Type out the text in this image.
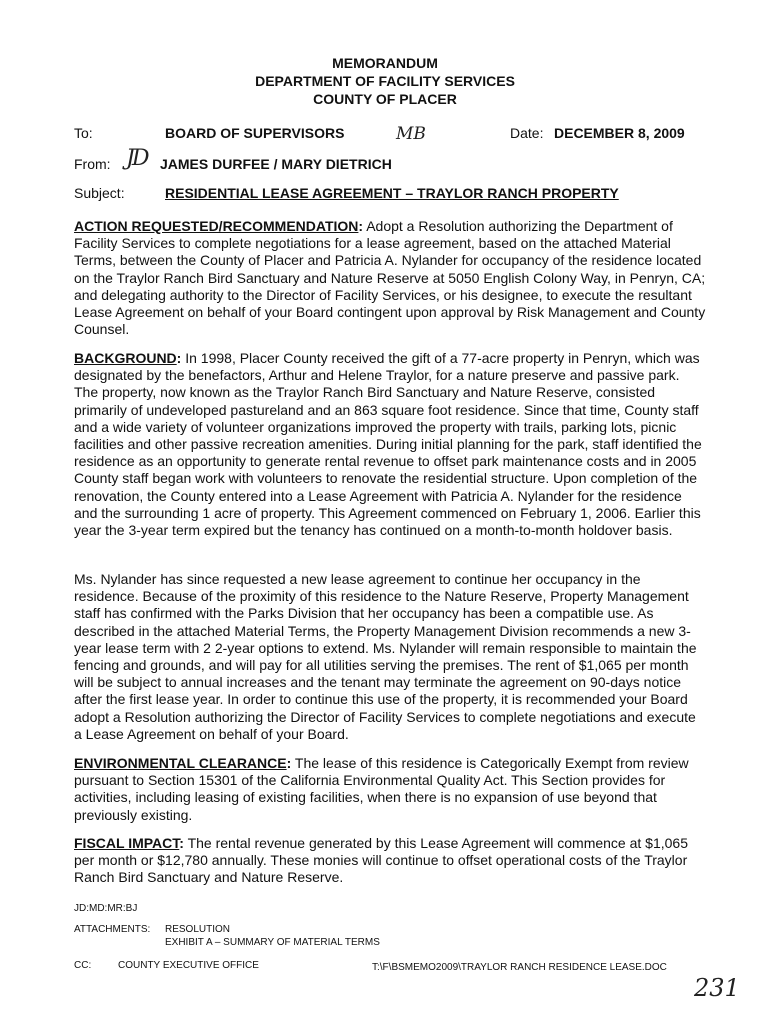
MEMORANDUM
DEPARTMENT OF FACILITY SERVICES
COUNTY OF PLACER
To:	BOARD OF SUPERVISORS	MB	Date: DECEMBER 8, 2009
From: JD JAMES DURFEE / MARY DIETRICH
Subject:	RESIDENTIAL LEASE AGREEMENT – TRAYLOR RANCH PROPERTY
ACTION REQUESTED/RECOMMENDATION: Adopt a Resolution authorizing the Department of Facility Services to complete negotiations for a lease agreement, based on the attached Material Terms, between the County of Placer and Patricia A. Nylander for occupancy of the residence located on the Traylor Ranch Bird Sanctuary and Nature Reserve at 5050 English Colony Way, in Penryn, CA; and delegating authority to the Director of Facility Services, or his designee, to execute the resultant Lease Agreement on behalf of your Board contingent upon approval by Risk Management and County Counsel.
BACKGROUND: In 1998, Placer County received the gift of a 77-acre property in Penryn, which was designated by the benefactors, Arthur and Helene Traylor, for a nature preserve and passive park. The property, now known as the Traylor Ranch Bird Sanctuary and Nature Reserve, consisted primarily of undeveloped pastureland and an 863 square foot residence. Since that time, County staff and a wide variety of volunteer organizations improved the property with trails, parking lots, picnic facilities and other passive recreation amenities. During initial planning for the park, staff identified the residence as an opportunity to generate rental revenue to offset park maintenance costs and in 2005 County staff began work with volunteers to renovate the residential structure. Upon completion of the renovation, the County entered into a Lease Agreement with Patricia A. Nylander for the residence and the surrounding 1 acre of property. This Agreement commenced on February 1, 2006. Earlier this year the 3-year term expired but the tenancy has continued on a month-to-month holdover basis.
Ms. Nylander has since requested a new lease agreement to continue her occupancy in the residence. Because of the proximity of this residence to the Nature Reserve, Property Management staff has confirmed with the Parks Division that her occupancy has been a compatible use. As described in the attached Material Terms, the Property Management Division recommends a new 3-year lease term with 2 2-year options to extend. Ms. Nylander will remain responsible to maintain the fencing and grounds, and will pay for all utilities serving the premises. The rent of $1,065 per month will be subject to annual increases and the tenant may terminate the agreement on 90-days notice after the first lease year. In order to continue this use of the property, it is recommended your Board adopt a Resolution authorizing the Director of Facility Services to complete negotiations and execute a Lease Agreement on behalf of your Board.
ENVIRONMENTAL CLEARANCE: The lease of this residence is Categorically Exempt from review pursuant to Section 15301 of the California Environmental Quality Act. This Section provides for activities, including leasing of existing facilities, when there is no expansion of use beyond that previously existing.
FISCAL IMPACT: The rental revenue generated by this Lease Agreement will commence at $1,065 per month or $12,780 annually. These monies will continue to offset operational costs of the Traylor Ranch Bird Sanctuary and Nature Reserve.
JD:MD:MR:BJ
ATTACHMENTS: RESOLUTION
EXHIBIT A – SUMMARY OF MATERIAL TERMS
CC:	COUNTY EXECUTIVE OFFICE	T:\F\BSMEMO2009\TRAYLOR RANCH RESIDENCE LEASE.DOC
231
